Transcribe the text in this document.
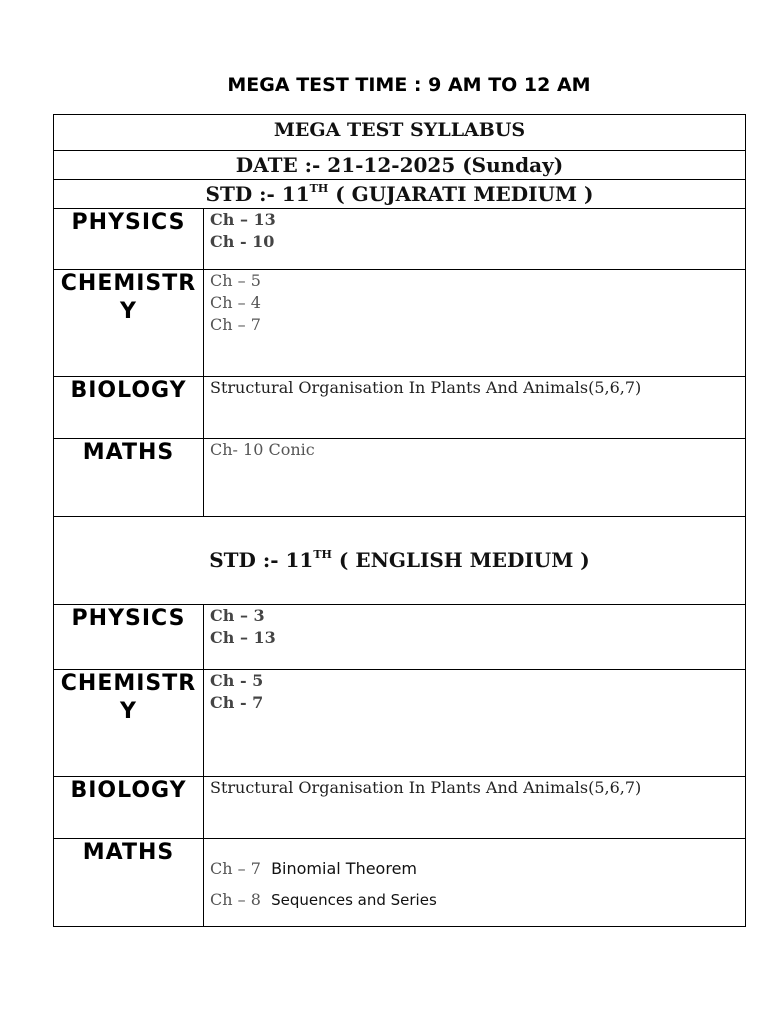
MEGA TEST TIME : 9 AM TO 12 AM
MEGA TEST SYLLABUS	
DATE :- 21-12-2025 (Sunday)	
STD :- 11TH ( GUJARATI MEDIUM )	

PHYSICS	Ch – 13
Ch - 10

CHEMISTRY	Ch – 5
Ch – 4
Ch – 7

BIOLOGY	Structural Organisation In Plants And Animals(5,6,7)

MATHS	Ch- 10 Conic

STD :- 11TH ( ENGLISH MEDIUM )	

PHYSICS	Ch – 3
Ch – 13

CHEMISTRY	Ch - 5
Ch - 7

BIOLOGY	Structural Organisation In Plants And Animals(5,6,7)

MATHS	Ch – 7 Binomial Theorem
Ch – 8 Sequences and Series
